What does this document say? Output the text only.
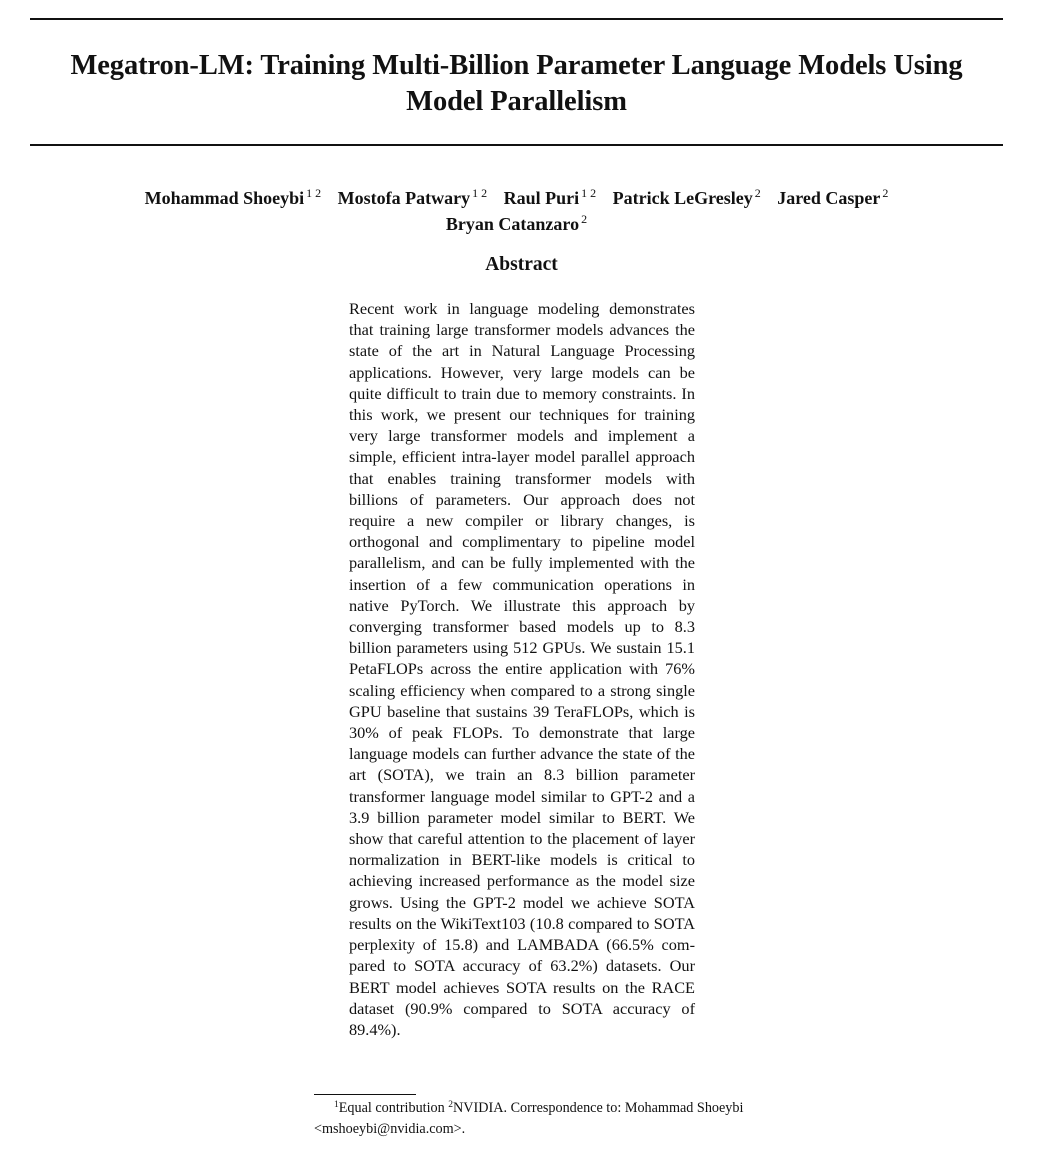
Megatron-LM: Training Multi-Billion Parameter Language Models Using Model Parallelism
Mohammad Shoeybi $^{1 2}$ Mostofa Patwary $^{1 2}$ Raul Puri $^{1 2}$ Patrick LeGresley $^2$ Jared Casper $^2$
Bryan Catanzaro $^2$
Abstract

Recent work in language modeling demonstrates that training large transformer models advances the state of the art in Natural Language Processing applications. However, very large models can be quite difficult to train due to memory constraints. In this work, we present our techniques for training very large transformer models and implement a simple, efficient intra-layer model parallel approach that enables training transformer models with billions of parameters. Our approach does not require a new compiler or library changes, is orthogonal and complimentary to pipeline model parallelism, and can be fully implemented with the insertion of a few communication operations in native PyTorch. We illustrate this approach by converging transformer based models up to 8.3 billion parameters using 512 GPUs. We sustain 15.1 PetaFLOPs across the entire application with 76% scaling efficiency when compared to a strong single GPU baseline that sustains 39 TeraFLOPs, which is 30% of peak FLOPs. To demonstrate that large language models can further advance the state of the art (SOTA), we train an 8.3 billion parameter transformer language model similar to GPT-2 and a 3.9 billion parameter model similar to BERT. We show that careful attention to the placement of layer normalization in BERT-like models is critical to achieving increased performance as the model size grows. Using the GPT-2 model we achieve SOTA results on the WikiText103 (10.8 compared to SOTA perplexity of 15.8) and LAMBADA (66.5% compared to SOTA accuracy of 63.2%) datasets. Our BERT model achieves SOTA results on the RACE dataset (90.9% compared to SOTA accuracy of 89.4%).

$^1$Equal contribution $^2$NVIDIA. Correspondence to: Mohammad Shoeybi <mshoeybi@nvidia.com>.
